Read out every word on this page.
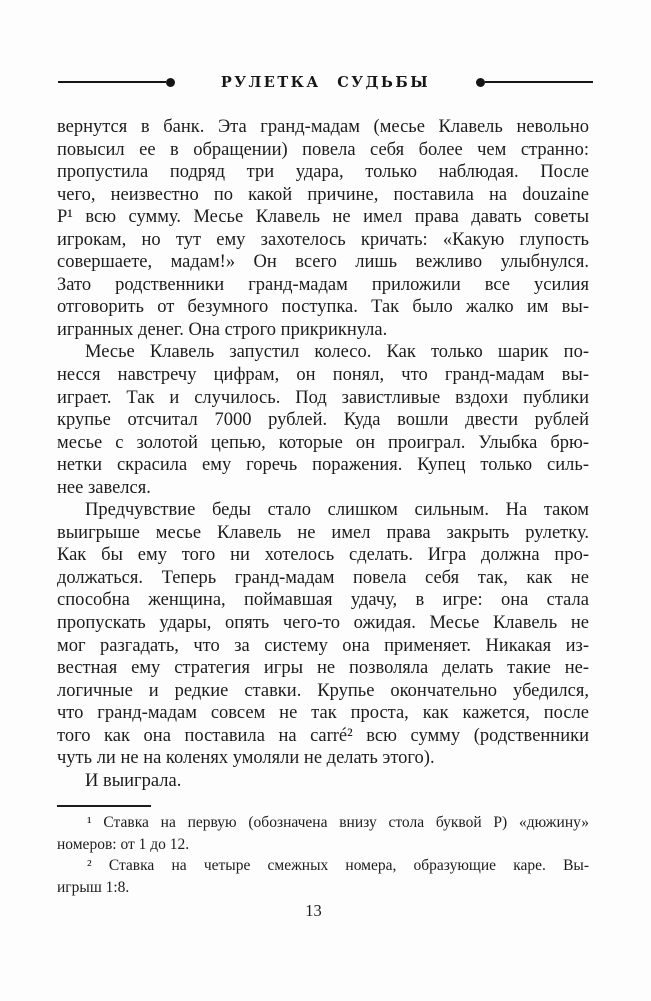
РУЛЕТКА СУДЬБЫ
вернутся в банк. Эта гранд-мадам (месье Клавель невольно
повысил ее в обращении) повела себя более чем странно:
пропустила подряд три удара, только наблюдая. После
чего, неизвестно по какой причине, поставила на douzaine
P¹ всю сумму. Месье Клавель не имел права давать советы
игрокам, но тут ему захотелось кричать: «Какую глупость
совершаете, мадам!» Он всего лишь вежливо улыбнулся.
Зато родственники гранд-мадам приложили все усилия
отговорить от безумного поступка. Так было жалко им вы-
игранных денег. Она строго прикрикнула.
Месье Клавель запустил колесо. Как только шарик по-
несся навстречу цифрам, он понял, что гранд-мадам вы-
играет. Так и случилось. Под завистливые вздохи публики
крупье отсчитал 7000 рублей. Куда вошли двести рублей
месье с золотой цепью, которые он проиграл. Улыбка брю-
нетки скрасила ему горечь поражения. Купец только силь-
нее завелся.
Предчувствие беды стало слишком сильным. На таком
выигрыше месье Клавель не имел права закрыть рулетку.
Как бы ему того ни хотелось сделать. Игра должна про-
должаться. Теперь гранд-мадам повела себя так, как не
способна женщина, поймавшая удачу, в игре: она стала
пропускать удары, опять чего-то ожидая. Месье Клавель не
мог разгадать, что за систему она применяет. Никакая из-
вестная ему стратегия игры не позволяла делать такие не-
логичные и редкие ставки. Крупье окончательно убедился,
что гранд-мадам совсем не так проста, как кажется, после
того как она поставила на carré² всю сумму (родственники
чуть ли не на коленях умоляли не делать этого).
И выиграла.
¹ Ставка на первую (обозначена внизу стола буквой P) «дюжину»
номеров: от 1 до 12.
² Ставка на четыре смежных номера, образующие каре. Вы-
игрыш 1:8.
13
